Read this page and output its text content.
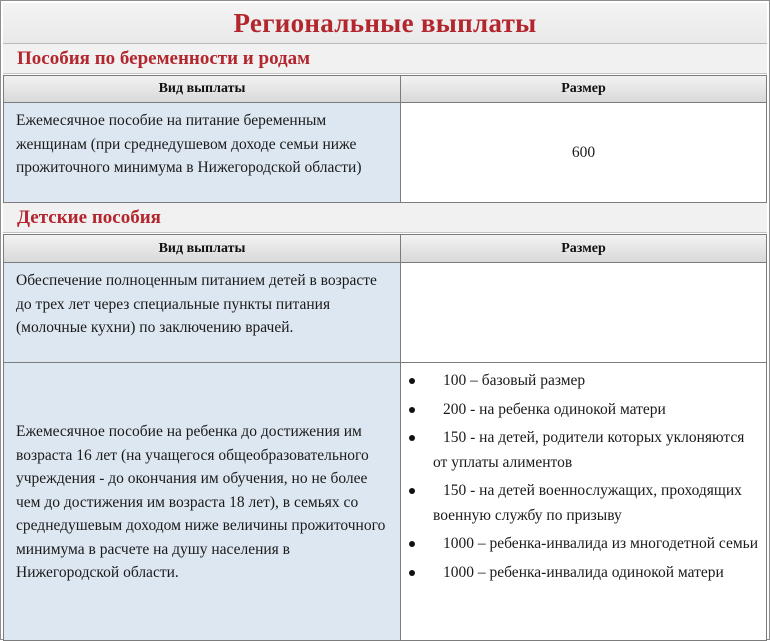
Региональные выплаты
Пособия по беременности и родам
Вид выплаты	Размер
Ежемесячное пособие на питание беременным женщинам (при среднедушевом доходе семьи ниже прожиточного минимума в Нижегородской области)
600
Детские пособия
Вид выплаты	Размер
Обеспечение полноценным питанием детей в возрасте до трех лет через специальные пункты питания (молочные кухни) по заключению врачей.
Ежемесячное пособие на ребенка до достижения им возраста 16 лет (на учащегося общеобразовательного учреждения - до окончания им обучения, но не более чем до достижения им возраста 18 лет), в семьях со среднедушевым доходом ниже величины прожиточного минимума в расчете на душу населения в Нижегородской области.
100 – базовый размер
200 - на ребенка одинокой матери
150 - на детей, родители которых уклоняются от уплаты алиментов
150 - на детей военнослужащих, проходящих военную службу по призыву
1000 – ребенка-инвалида из многодетной семьи
1000 – ребенка-инвалида одинокой матери
